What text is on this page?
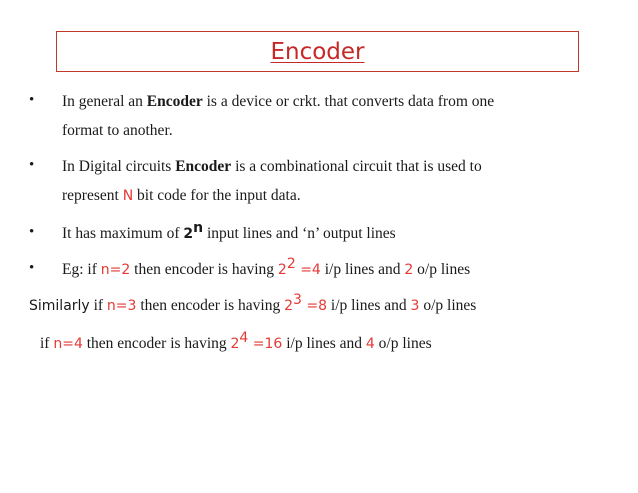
Encoder
• In general an Encoder is a device or crkt. that converts data from one
format to another.
• In Digital circuits Encoder is a combinational circuit that is used to
represent N bit code for the input data.
• It has maximum of 2$^n$ input lines and ‘n’ output lines
• Eg: if n=2 then encoder is having $2^2 =4$ i/p lines and 2 o/p lines
Similarly if n=3 then encoder is having $2^3 =8$ i/p lines and 3 o/p lines
if n=4 then encoder is having $2^4 =16$ i/p lines and 4 o/p lines
